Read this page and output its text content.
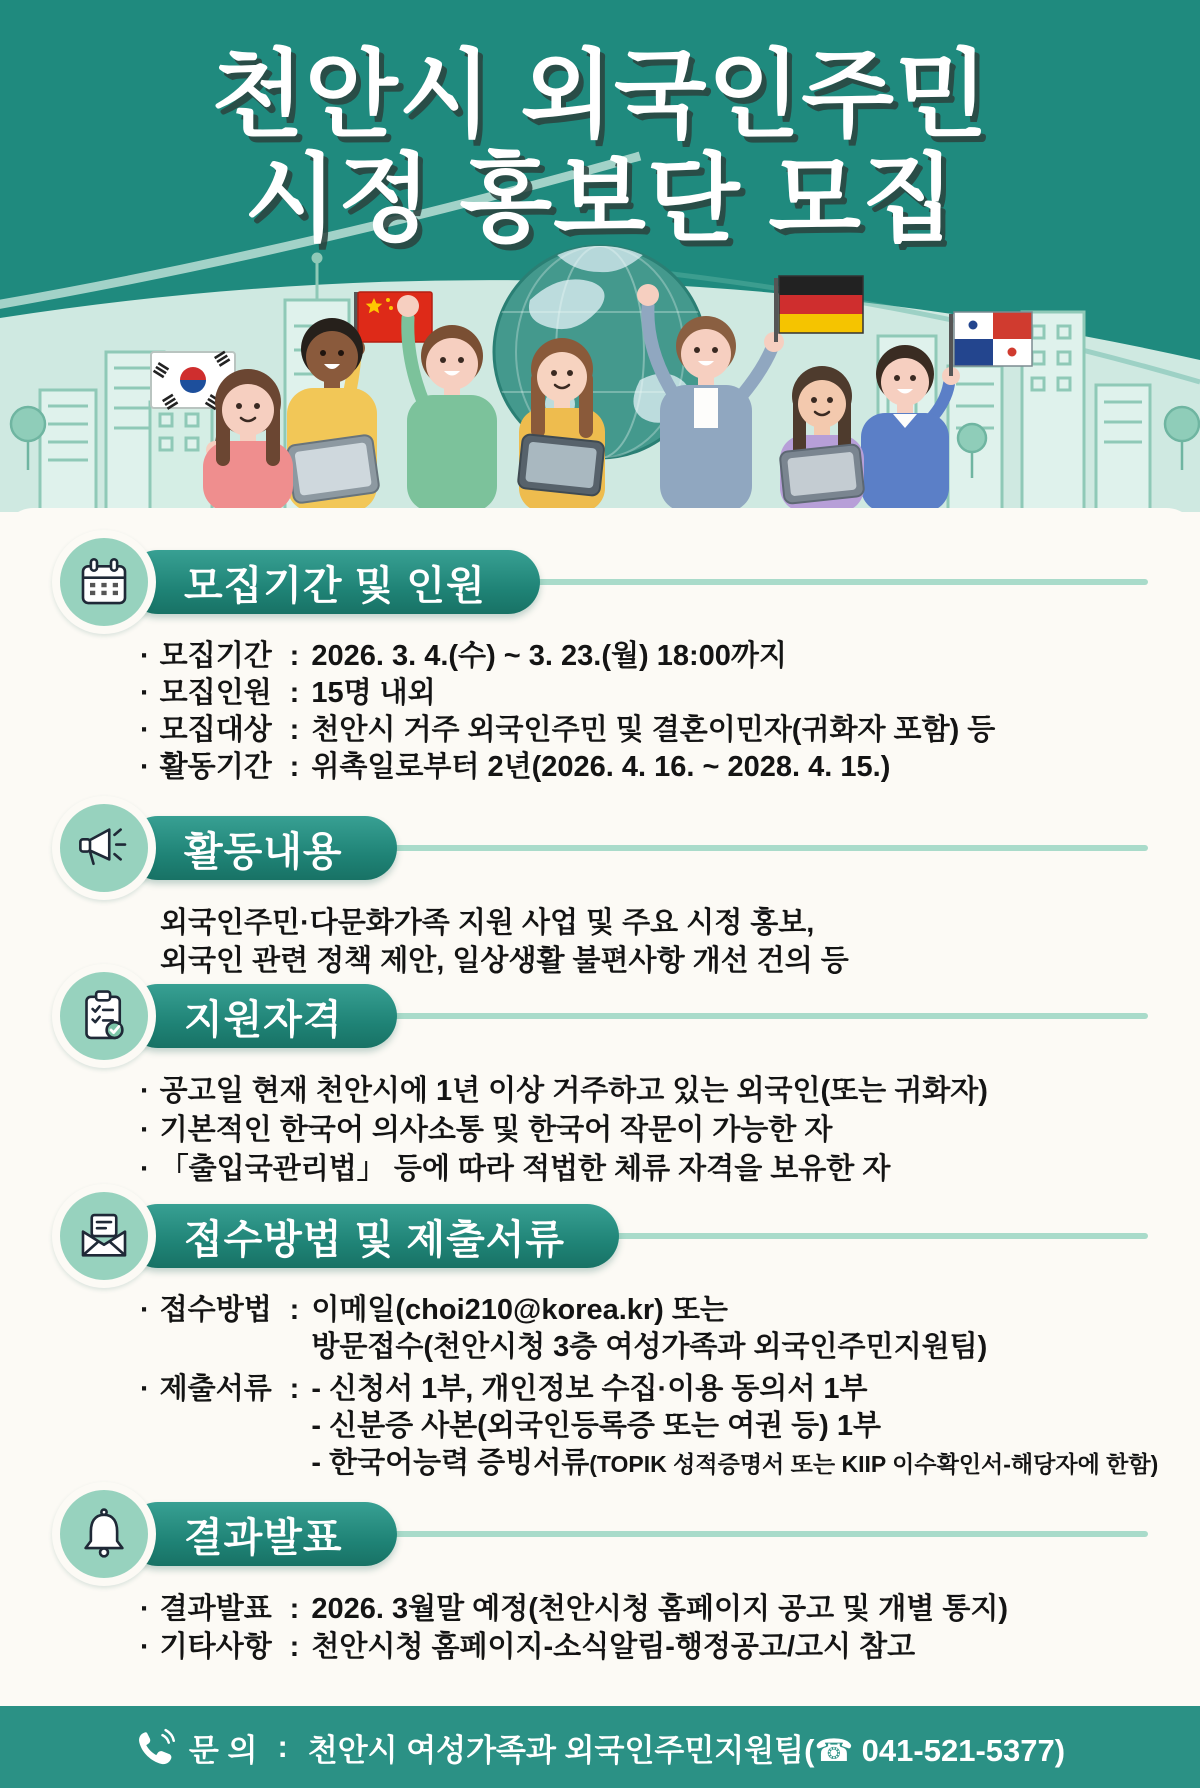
천안시 외국인주민
시정 홍보단 모집
모집기간 및 인원
· 모집기간 : 2026. 3. 4.(수) ~ 3. 23.(월) 18:00까지
· 모집인원 : 15명 내외
· 모집대상 : 천안시 거주 외국인주민 및 결혼이민자(귀화자 포함) 등
· 활동기간 : 위촉일로부터 2년(2026. 4. 16. ~ 2028. 4. 15.)
활동내용
외국인주민·다문화가족 지원 사업 및 주요 시정 홍보,
외국인 관련 정책 제안, 일상생활 불편사항 개선 건의 등
지원자격
· 공고일 현재 천안시에 1년 이상 거주하고 있는 외국인(또는 귀화자)
· 기본적인 한국어 의사소통 및 한국어 작문이 가능한 자
· 「출입국관리법」 등에 따라 적법한 체류 자격을 보유한 자
접수방법 및 제출서류
· 접수방법 : 이메일(choi210@korea.kr) 또는
방문접수(천안시청 3층 여성가족과 외국인주민지원팀)
· 제출서류 : - 신청서 1부, 개인정보 수집·이용 동의서 1부
- 신분증 사본(외국인등록증 또는 여권 등) 1부
- 한국어능력 증빙서류(TOPIK 성적증명서 또는 KIIP 이수확인서-해당자에 한함)
결과발표
· 결과발표 : 2026. 3월말 예정(천안시청 홈페이지 공고 및 개별 통지)
· 기타사항 : 천안시청 홈페이지-소식알림-행정공고/고시 참고
문 의 : 천안시 여성가족과 외국인주민지원팀(☎ 041-521-5377)
